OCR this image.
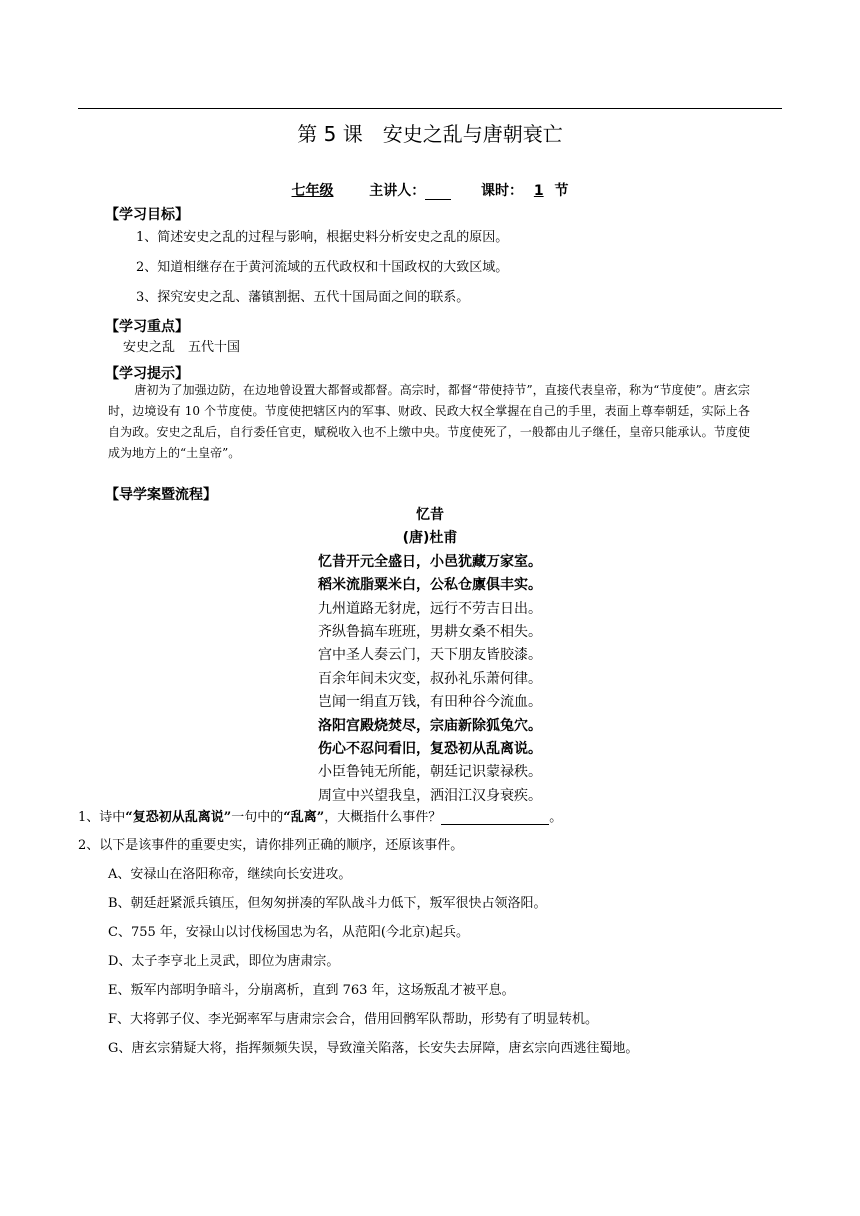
第 5 课　安史之乱与唐朝衰亡
七年级	主讲人：	课时： 1 节
【学习目标】
1、简述安史之乱的过程与影响，根据史料分析安史之乱的原因。
2、知道相继存在于黄河流域的五代政权和十国政权的大致区域。
3、探究安史之乱、藩镇割据、五代十国局面之间的联系。
【学习重点】
安史之乱　五代十国
【学习提示】
唐初为了加强边防，在边地曾设置大都督或都督。高宗时，都督“带使持节”，直接代表皇帝，称为“节度使”。唐玄宗时，边境设有 10 个节度使。节度使把辖区内的军事、财政、民政大权全掌握在自己的手里，表面上尊奉朝廷，实际上各自为政。安史之乱后，自行委任官吏，赋税收入也不上缴中央。节度使死了，一般都由儿子继任，皇帝只能承认。节度使成为地方上的“土皇帝”。
【导学案暨流程】
忆昔
(唐)杜甫
忆昔开元全盛日，小邑犹藏万家室。
稻米流脂粟米白，公私仓廪俱丰实。
九州道路无豺虎，远行不劳吉日出。
齐纵鲁搞车班班，男耕女桑不相失。
宫中圣人奏云门，天下朋友皆胶漆。
百余年间未灾变，叔孙礼乐萧何律。
岂闻一绢直万钱，有田种谷今流血。
洛阳宫殿烧焚尽，宗庙新除狐兔穴。
伤心不忍问看旧，复恐初从乱离说。
小臣鲁钝无所能，朝廷记识蒙禄秩。
周宣中兴望我皇，洒泪江汉身衰疾。
1、诗中“复恐初从乱离说”一句中的“乱离”，大概指什么事件？	。
2、以下是该事件的重要史实，请你排列正确的顺序，还原该事件。
A、安禄山在洛阳称帝，继续向长安进攻。
B、朝廷赶紧派兵镇压，但匆匆拼凑的军队战斗力低下，叛军很快占领洛阳。
C、755 年，安禄山以讨伐杨国忠为名，从范阳(今北京)起兵。
D、太子李亨北上灵武，即位为唐肃宗。
E、叛军内部明争暗斗，分崩离析，直到 763 年，这场叛乱才被平息。
F、大将郭子仪、李光弼率军与唐肃宗会合，借用回鹘军队帮助，形势有了明显转机。
G、唐玄宗猜疑大将，指挥频频失误，导致潼关陷落，长安失去屏障，唐玄宗向西逃往蜀地。
